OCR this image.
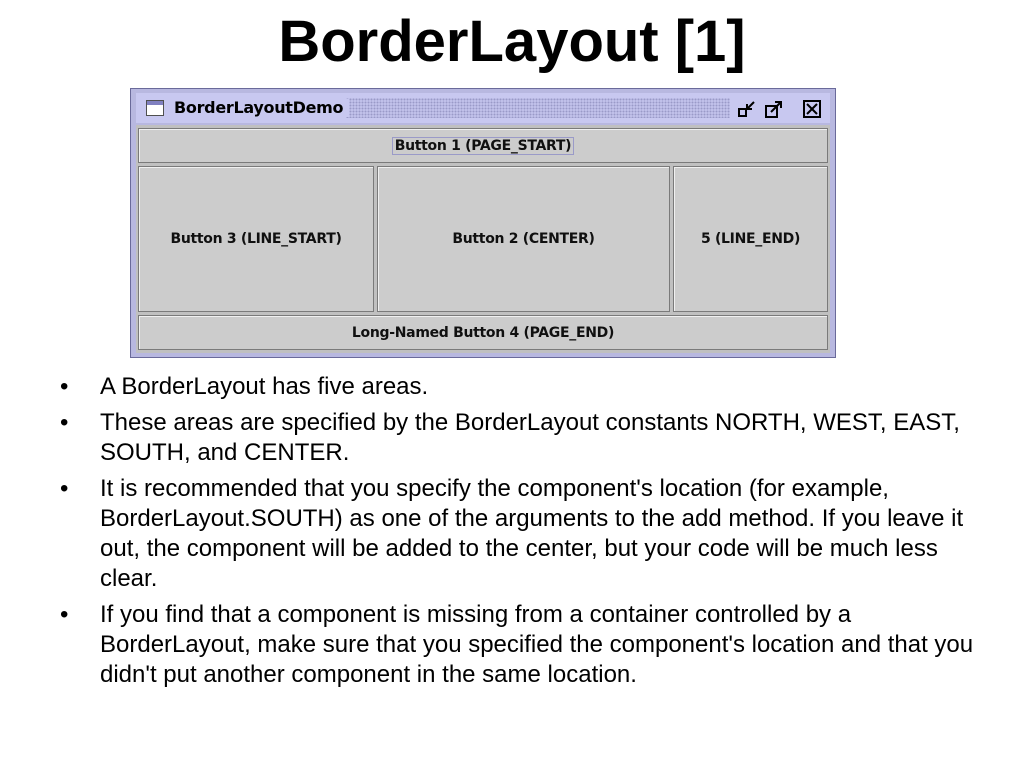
BorderLayout [1]
BorderLayoutDemo
Button 1 (PAGE_START)
Button 3 (LINE_START)	Button 2 (CENTER)	5 (LINE_END)
Long-Named Button 4 (PAGE_END)
• A BorderLayout has five areas.
• These areas are specified by the BorderLayout constants NORTH, WEST, EAST, SOUTH, and CENTER.
• It is recommended that you specify the component's location (for example, BorderLayout.SOUTH) as one of the arguments to the add method. If you leave it out, the component will be added to the center, but your code will be much less clear.
• If you find that a component is missing from a container controlled by a BorderLayout, make sure that you specified the component's location and that you didn't put another component in the same location.
